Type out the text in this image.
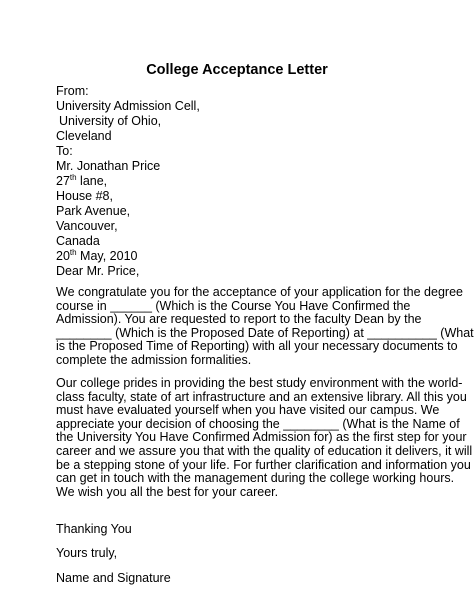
College Acceptance Letter
From:
University Admission Cell,
University of Ohio,
Cleveland
To:
Mr. Jonathan Price
27th lane,
House #8,
Park Avenue,
Vancouver,
Canada
20th May, 2010
Dear Mr. Price,
We congratulate you for the acceptance of your application for the degree
course in ______ (Which is the Course You Have Confirmed the
Admission). You are requested to report to the faculty Dean by the
________ (Which is the Proposed Date of Reporting) at __________ (What
is the Proposed Time of Reporting) with all your necessary documents to
complete the admission formalities.
Our college prides in providing the best study environment with the world-
class faculty, state of art infrastructure and an extensive library. All this you
must have evaluated yourself when you have visited our campus. We
appreciate your decision of choosing the ________ (What is the Name of
the University You Have Confirmed Admission for) as the first step for your
career and we assure you that with the quality of education it delivers, it will
be a stepping stone of your life. For further clarification and information you
can get in touch with the management during the college working hours.
We wish you all the best for your career.
Thanking You
Yours truly,
Name and Signature
